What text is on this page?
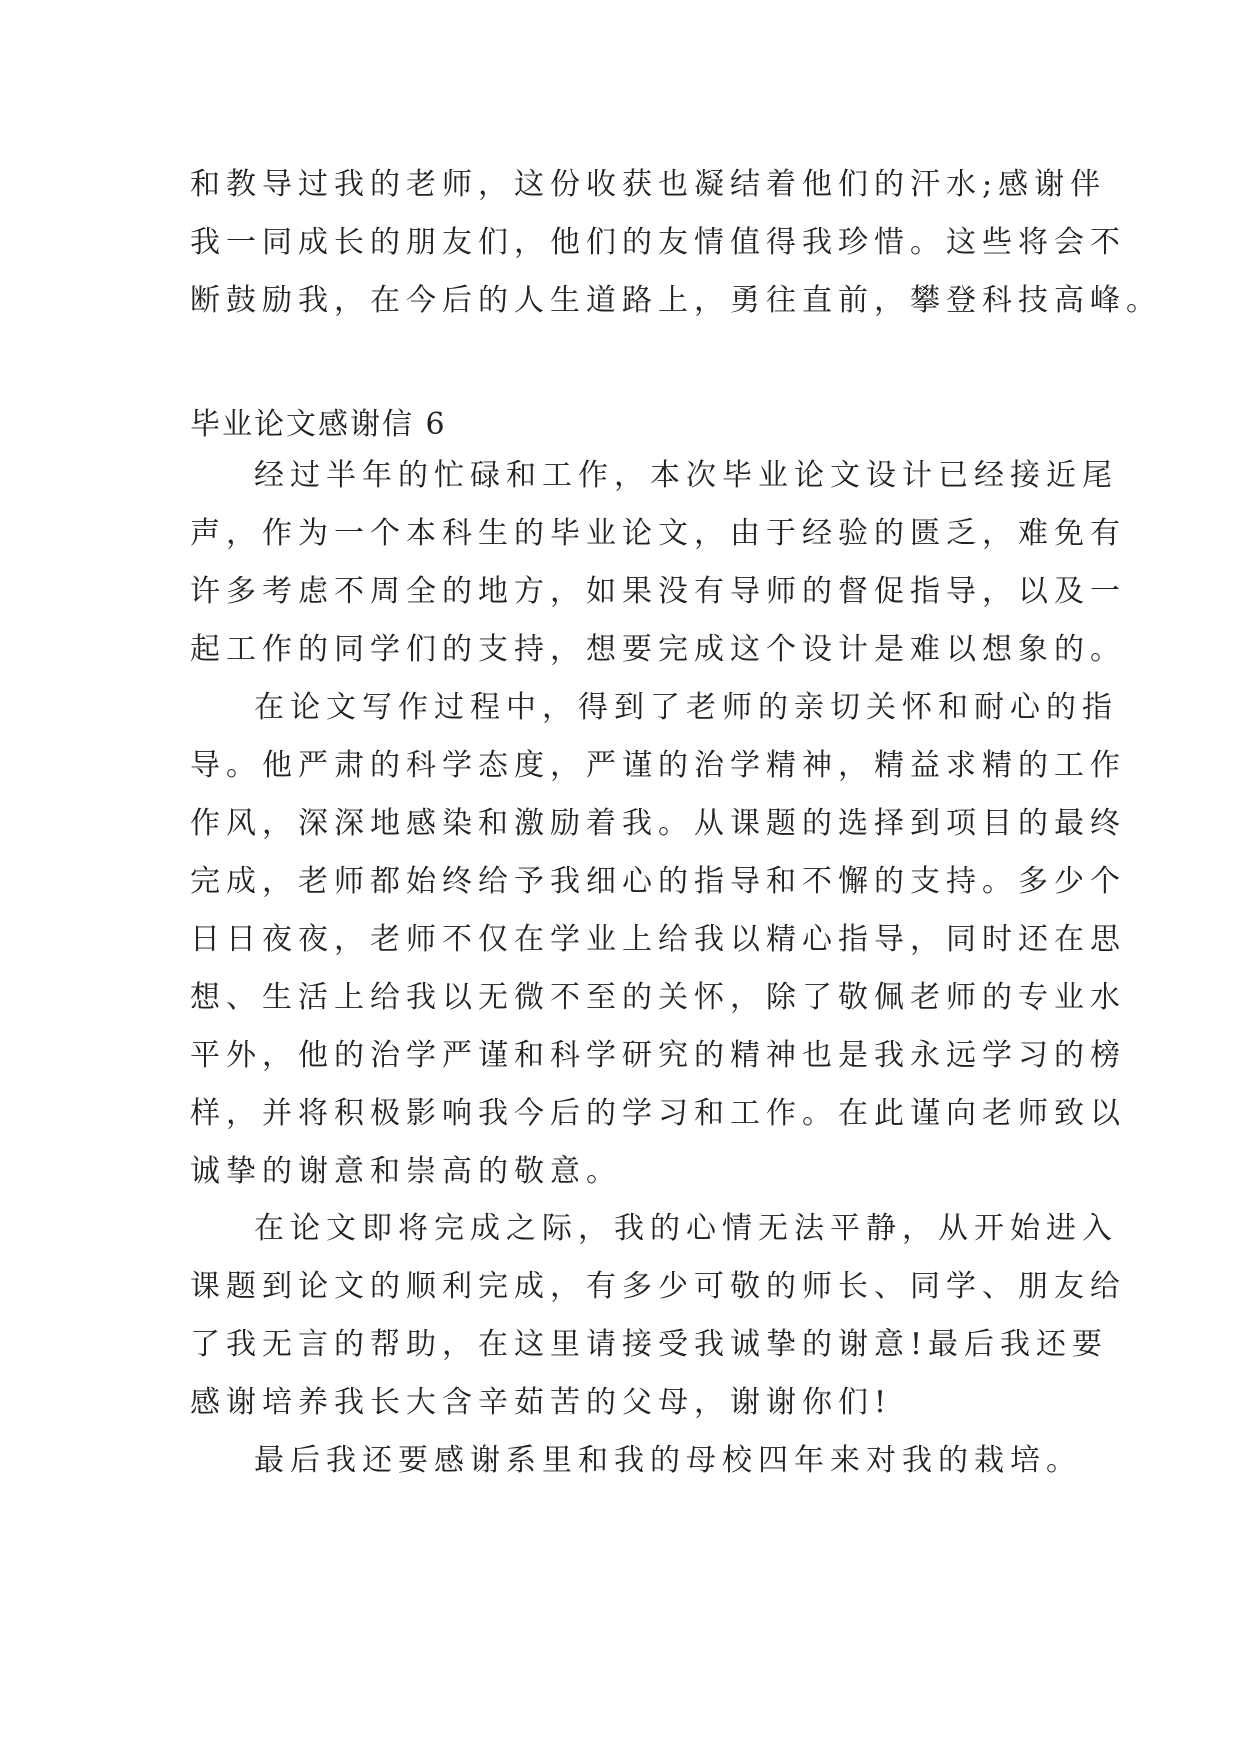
和教导过我的老师，这份收获也凝结着他们的汗水;感谢伴

我一同成长的朋友们，他们的友情值得我珍惜。这些将会不

断鼓励我，在今后的人生道路上，勇往直前，攀登科技高峰。

毕业论文感谢信 6

经过半年的忙碌和工作，本次毕业论文设计已经接近尾

声，作为一个本科生的毕业论文，由于经验的匮乏，难免有

许多考虑不周全的地方，如果没有导师的督促指导，以及一

起工作的同学们的支持，想要完成这个设计是难以想象的。

在论文写作过程中，得到了老师的亲切关怀和耐心的指

导。他严肃的科学态度，严谨的治学精神，精益求精的工作

作风，深深地感染和激励着我。从课题的选择到项目的最终

完成，老师都始终给予我细心的指导和不懈的支持。多少个

日日夜夜，老师不仅在学业上给我以精心指导，同时还在思

想、生活上给我以无微不至的关怀，除了敬佩老师的专业水

平外，他的治学严谨和科学研究的精神也是我永远学习的榜

样，并将积极影响我今后的学习和工作。在此谨向老师致以

诚挚的谢意和崇高的敬意。

在论文即将完成之际，我的心情无法平静，从开始进入

课题到论文的顺利完成，有多少可敬的师长、同学、朋友给

了我无言的帮助，在这里请接受我诚挚的谢意!最后我还要

感谢培养我长大含辛茹苦的父母，谢谢你们!

最后我还要感谢系里和我的母校四年来对我的栽培。
